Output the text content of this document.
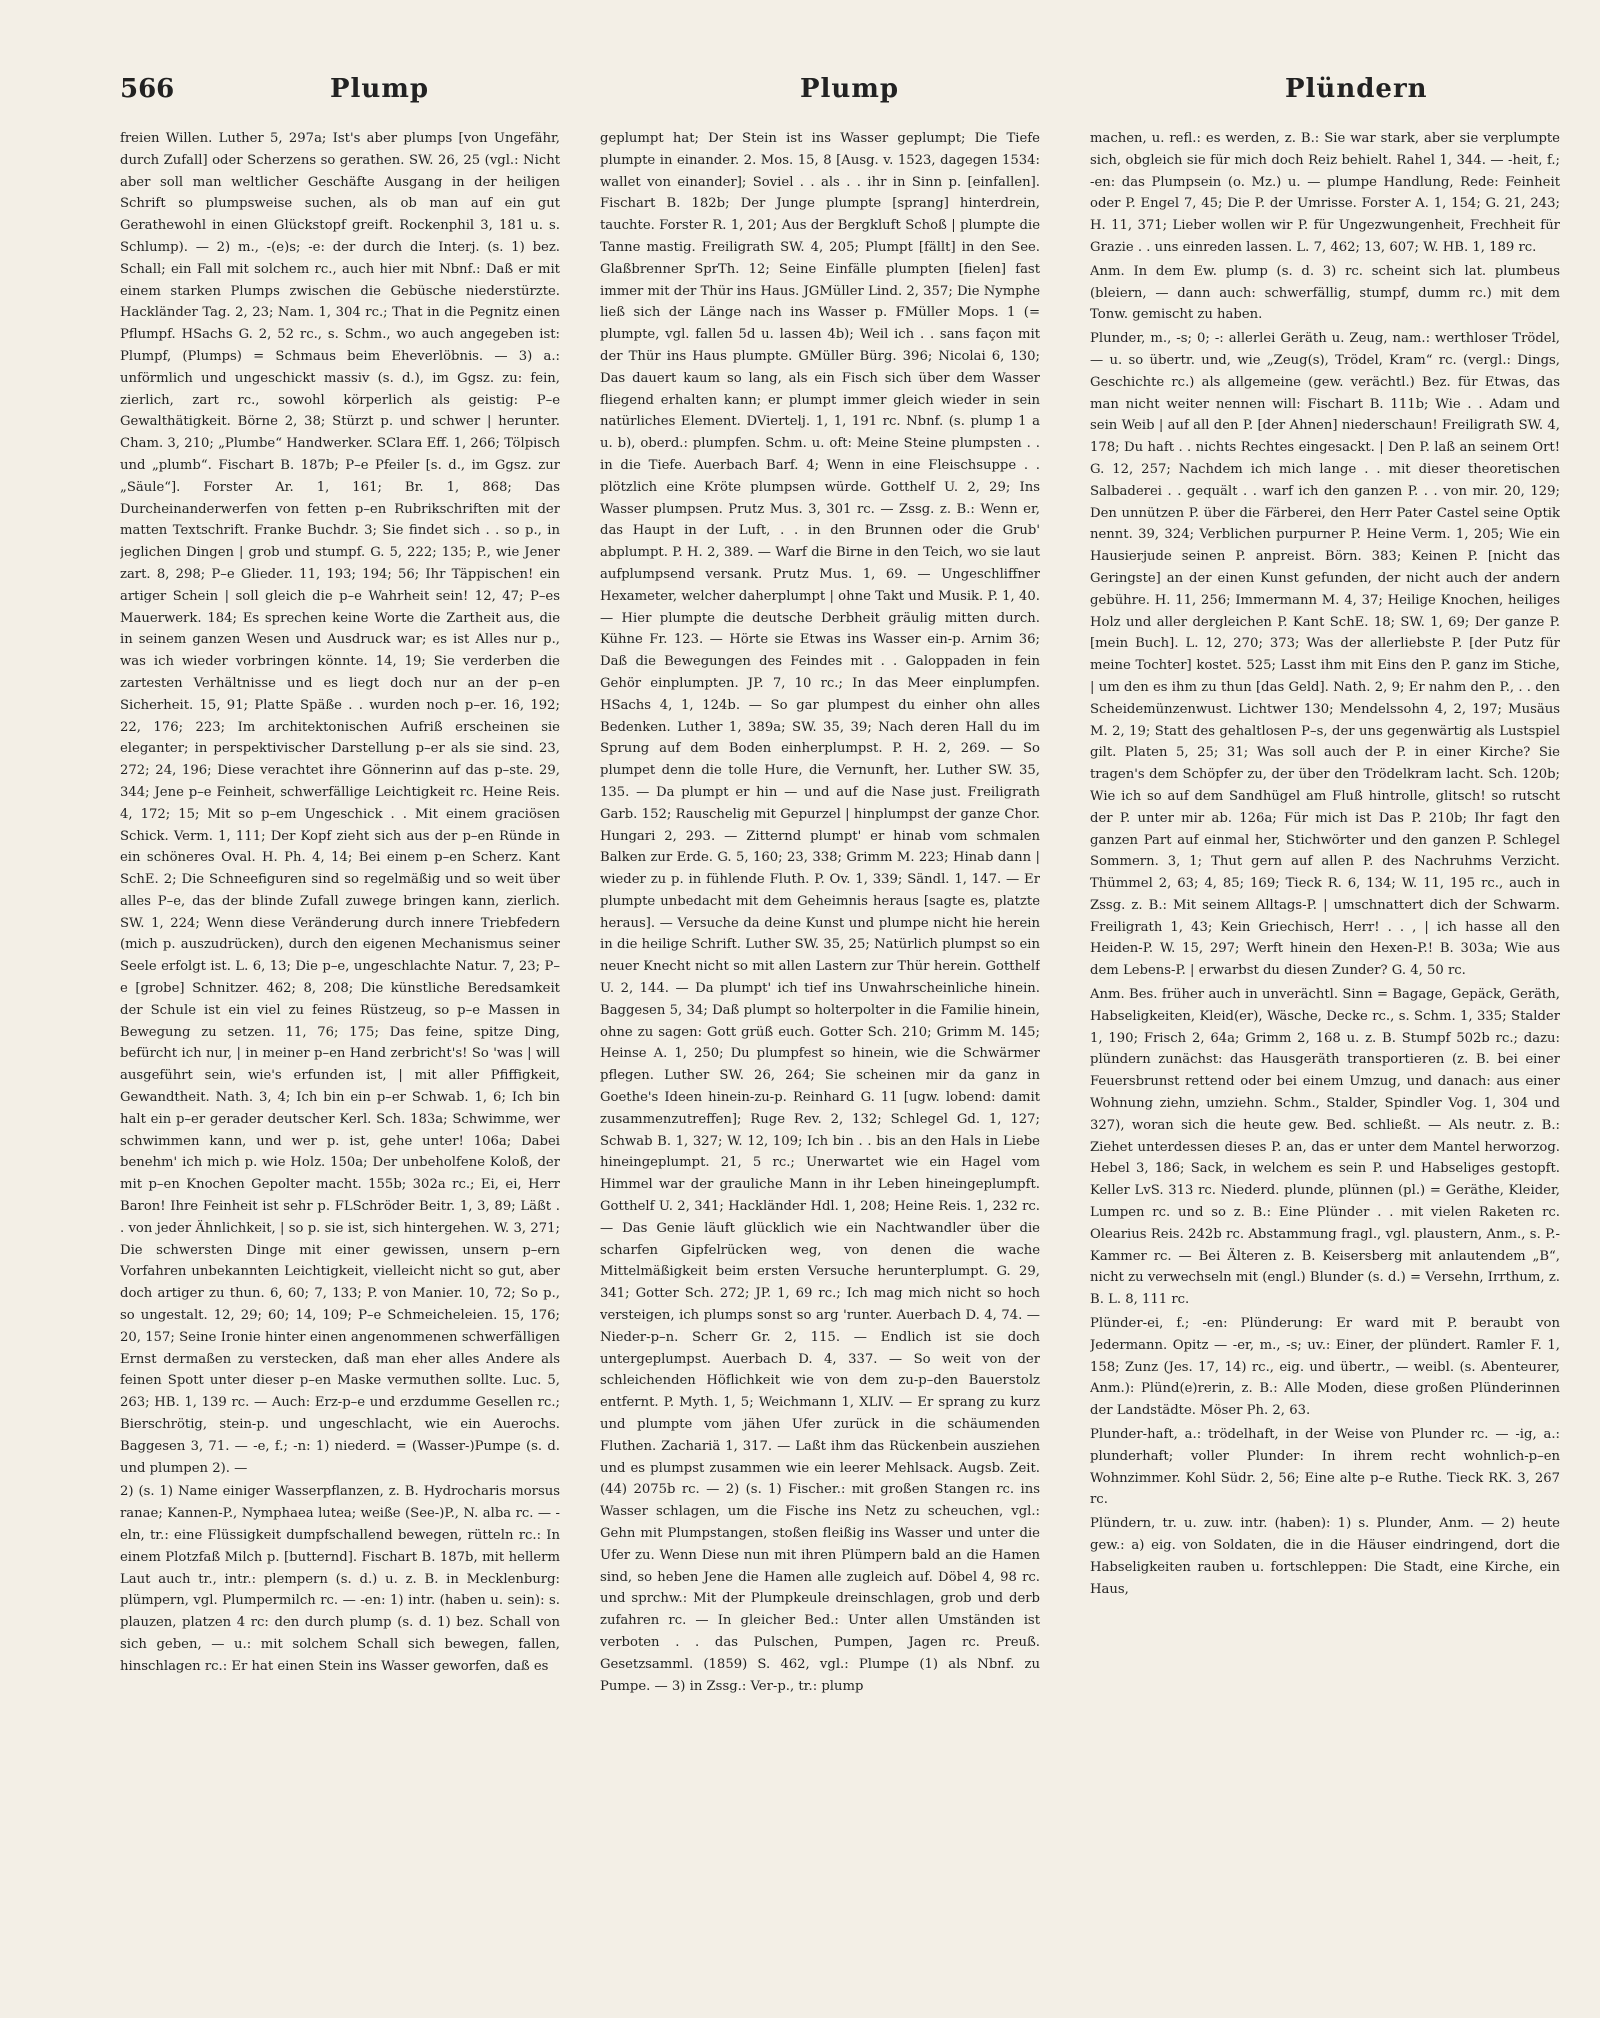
566	Plump	Plump	Plündern

freien Willen. Luther 5, 297a; Ist's aber plumps [von Ungefähr, durch Zufall] oder Scherzens so gerathen. SW. 26, 25 (vgl.: Nicht aber soll man weltlicher Geschäfte Ausgang in der heiligen Schrift so plumpsweise suchen, als ob man auf ein gut Gerathewohl in einen Glückstopf greift. Rockenphil 3, 181 u. s. Schlump). — 2) m., -(e)s; -e: der durch die Interj. (s. 1) bez. Schall; ein Fall mit solchem rc., auch hier mit Nbnf.: Daß er mit einem starken Plumps zwischen die Gebüsche niederstürzte. Hackländer Tag. 2, 23; Nam. 1, 304 rc.; That in die Pegnitz einen Pflumpf. HSachs G. 2, 52 rc., s. Schm., wo auch angegeben ist: Plumpf, (Plumps) = Schmaus beim Eheverlöbnis. — 3) a.: unförmlich und ungeschickt massiv (s. d.), im Ggsz. zu: fein, zierlich, zart rc., sowohl körperlich als geistig: P–e Gewalthätigkeit. Börne 2, 38; Stürzt p. und schwer | herunter. Cham. 3, 210; „Plumbe“ Handwerker. SClara Eff. 1, 266; Tölpisch und „plumb“. Fischart B. 187b; P–e Pfeiler [s. d., im Ggsz. zur „Säule“]. Forster Ar. 1, 161; Br. 1, 868; Das Durcheinanderwerfen von fetten p–en Rubrikschriften mit der matten Textschrift. Franke Buchdr. 3; Sie findet sich . . so p., in jeglichen Dingen | grob und stumpf. G. 5, 222; 135; P., wie Jener zart. 8, 298; P–e Glieder. 11, 193; 194; 56; Ihr Täppischen! ein artiger Schein | soll gleich die p–e Wahrheit sein! 12, 47; P–es Mauerwerk. 184; Es sprechen keine Worte die Zartheit aus, die in seinem ganzen Wesen und Ausdruck war; es ist Alles nur p., was ich wieder vorbringen könnte. 14, 19; Sie verderben die zartesten Verhältnisse und es liegt doch nur an der p–en Sicherheit. 15, 91; Platte Späße . . wurden noch p–er. 16, 192; 22, 176; 223; Im architektonischen Aufriß erscheinen sie eleganter; in perspektivischer Darstellung p–er als sie sind. 23, 272; 24, 196; Diese verachtet ihre Gönnerinn auf das p–ste. 29, 344; Jene p–e Feinheit, schwerfällige Leichtigkeit rc. Heine Reis. 4, 172; 15; Mit so p–em Ungeschick . . Mit einem graciösen Schick. Verm. 1, 111; Der Kopf zieht sich aus der p–en Ründe in ein schöneres Oval. H. Ph. 4, 14; Bei einem p–en Scherz. Kant SchE. 2; Die Schneefiguren sind so regelmäßig und so weit über alles P–e, das der blinde Zufall zuwege bringen kann, zierlich. SW. 1, 224; Wenn diese Veränderung durch innere Triebfedern (mich p. auszudrücken), durch den eigenen Mechanismus seiner Seele erfolgt ist. L. 6, 13; Die p–e, ungeschlachte Natur. 7, 23; P–e [grobe] Schnitzer. 462; 8, 208; Die künstliche Beredsamkeit der Schule ist ein viel zu feines Rüstzeug, so p–e Massen in Bewegung zu setzen. 11, 76; 175; Das feine, spitze Ding, befürcht ich nur, | in meiner p–en Hand zerbricht's! So 'was | will ausgeführt sein, wie's erfunden ist, | mit aller Pfiffigkeit, Gewandtheit. Nath. 3, 4; Ich bin ein p–er Schwab. 1, 6; Ich bin halt ein p–er gerader deutscher Kerl. Sch. 183a; Schwimme, wer schwimmen kann, und wer p. ist, gehe unter! 106a; Dabei benehm' ich mich p. wie Holz. 150a; Der unbeholfene Koloß, der mit p–en Knochen Gepolter macht. 155b; 302a rc.; Ei, ei, Herr Baron! Ihre Feinheit ist sehr p. FLSchröder Beitr. 1, 3, 89; Läßt . . von jeder Ähnlichkeit, | so p. sie ist, sich hintergehen. W. 3, 271; Die schwersten Dinge mit einer gewissen, unsern p–ern Vorfahren unbekannten Leichtigkeit, vielleicht nicht so gut, aber doch artiger zu thun. 6, 60; 7, 133; P. von Manier. 10, 72; So p., so ungestalt. 12, 29; 60; 14, 109; P–e Schmeicheleien. 15, 176; 20, 157; Seine Ironie hinter einen angenommenen schwerfälligen Ernst dermaßen zu verstecken, daß man eher alles Andere als feinen Spott unter dieser p–en Maske vermuthen sollte. Luc. 5, 263; HB. 1, 139 rc. — Auch: Erz-p–e und erzdumme Gesellen rc.; Bierschrötig, stein-p. und ungeschlacht, wie ein Auerochs. Baggesen 3, 71. — -e, f.; -n: 1) niederd. = (Wasser-)Pumpe (s. d. und plumpen 2). —

2) (s. 1) Name einiger Wasserpflanzen, z. B. Hydrocharis morsus ranae; Kannen-P., Nymphaea lutea; weiße (See-)P., N. alba rc. — -eln, tr.: eine Flüssigkeit dumpfschallend bewegen, rütteln rc.: In einem Plotzfaß Milch p. [butternd]. Fischart B. 187b, mit hellerm Laut auch tr., intr.: plempern (s. d.) u. z. B. in Mecklenburg: plümpern, vgl. Plumpermilch rc. — -en: 1) intr. (haben u. sein): s. plauzen, platzen 4 rc: den durch plump (s. d. 1) bez. Schall von sich geben, — u.: mit solchem Schall sich bewegen, fallen, hinschlagen rc.: Er hat einen Stein ins Wasser geworfen, daß es

geplumpt hat; Der Stein ist ins Wasser geplumpt; Die Tiefe plumpte in einander. 2. Mos. 15, 8 [Ausg. v. 1523, dagegen 1534: wallet von einander]; Soviel . . als . . ihr in Sinn p. [einfallen]. Fischart B. 182b; Der Junge plumpte [sprang] hinterdrein, tauchte. Forster R. 1, 201; Aus der Bergkluft Schoß | plumpte die Tanne mastig. Freiligrath SW. 4, 205; Plumpt [fällt] in den See. Glaßbrenner SprTh. 12; Seine Einfälle plumpten [fielen] fast immer mit der Thür ins Haus. JGMüller Lind. 2, 357; Die Nymphe ließ sich der Länge nach ins Wasser p. FMüller Mops. 1 (= plumpte, vgl. fallen 5d u. lassen 4b); Weil ich . . sans façon mit der Thür ins Haus plumpte. GMüller Bürg. 396; Nicolai 6, 130; Das dauert kaum so lang, als ein Fisch sich über dem Wasser fliegend erhalten kann; er plumpt immer gleich wieder in sein natürliches Element. DViertelj. 1, 1, 191 rc. Nbnf. (s. plump 1 a u. b), oberd.: plumpfen. Schm. u. oft: Meine Steine plumpsten . . in die Tiefe. Auerbach Barf. 4; Wenn in eine Fleischsuppe . . plötzlich eine Kröte plumpsen würde. Gotthelf U. 2, 29; Ins Wasser plumpsen. Prutz Mus. 3, 301 rc. — Zssg. z. B.: Wenn er, das Haupt in der Luft, . . in den Brunnen oder die Grub' abplumpt. P. H. 2, 389. — Warf die Birne in den Teich, wo sie laut aufplumpsend versank. Prutz Mus. 1, 69. — Ungeschliffner Hexameter, welcher daherplumpt | ohne Takt und Musik. P. 1, 40. — Hier plumpte die deutsche Derbheit gräulig mitten durch. Kühne Fr. 123. — Hörte sie Etwas ins Wasser ein-p. Arnim 36; Daß die Bewegungen des Feindes mit . . Galoppaden in fein Gehör einplumpten. JP. 7, 10 rc.; In das Meer einplumpfen. HSachs 4, 1, 124b. — So gar plumpest du einher ohn alles Bedenken. Luther 1, 389a; SW. 35, 39; Nach deren Hall du im Sprung auf dem Boden einherplumpst. P. H. 2, 269. — So plumpet denn die tolle Hure, die Vernunft, her. Luther SW. 35, 135. — Da plumpt er hin — und auf die Nase just. Freiligrath Garb. 152; Rauschelig mit Gepurzel | hinplumpst der ganze Chor. Hungari 2, 293. — Zitternd plumpt' er hinab vom schmalen Balken zur Erde. G. 5, 160; 23, 338; Grimm M. 223; Hinab dann | wieder zu p. in fühlende Fluth. P. Ov. 1, 339; Sändl. 1, 147. — Er plumpte unbedacht mit dem Geheimnis heraus [sagte es, platzte heraus]. — Versuche da deine Kunst und plumpe nicht hie herein in die heilige Schrift. Luther SW. 35, 25; Natürlich plumpst so ein neuer Knecht nicht so mit allen Lastern zur Thür herein. Gotthelf U. 2, 144. — Da plumpt' ich tief ins Unwahrscheinliche hinein. Baggesen 5, 34; Daß plumpt so holterpolter in die Familie hinein, ohne zu sagen: Gott grüß euch. Gotter Sch. 210; Grimm M. 145; Heinse A. 1, 250; Du plumpfest so hinein, wie die Schwärmer pflegen. Luther SW. 26, 264; Sie scheinen mir da ganz in Goethe's Ideen hinein-zu-p. Reinhard G. 11 [ugw. lobend: damit zusammenzutreffen]; Ruge Rev. 2, 132; Schlegel Gd. 1, 127; Schwab B. 1, 327; W. 12, 109; Ich bin . . bis an den Hals in Liebe hineingeplumpt. 21, 5 rc.; Unerwartet wie ein Hagel vom Himmel war der grauliche Mann in ihr Leben hineingeplumpft. Gotthelf U. 2, 341; Hackländer Hdl. 1, 208; Heine Reis. 1, 232 rc. — Das Genie läuft glücklich wie ein Nachtwandler über die scharfen Gipfelrücken weg, von denen die wache Mittelmäßigkeit beim ersten Versuche herunterplumpt. G. 29, 341; Gotter Sch. 272; JP. 1, 69 rc.; Ich mag mich nicht so hoch versteigen, ich plumps sonst so arg 'runter. Auerbach D. 4, 74. — Nieder-p–n. Scherr Gr. 2, 115. — Endlich ist sie doch untergeplumpst. Auerbach D. 4, 337. — So weit von der schleichenden Höflichkeit wie von dem zu-p–den Bauerstolz entfernt. P. Myth. 1, 5; Weichmann 1, XLIV. — Er sprang zu kurz und plumpte vom jähen Ufer zurück in die schäumenden Fluthen. Zachariä 1, 317. — Laßt ihm das Rückenbein ausziehen und es plumpst zusammen wie ein leerer Mehlsack. Augsb. Zeit. (44) 2075b rc. — 2) (s. 1) Fischer.: mit großen Stangen rc. ins Wasser schlagen, um die Fische ins Netz zu scheuchen, vgl.: Gehn mit Plumpstangen, stoßen fleißig ins Wasser und unter die Ufer zu. Wenn Diese nun mit ihren Plümpern bald an die Hamen sind, so heben Jene die Hamen alle zugleich auf. Döbel 4, 98 rc. und sprchw.: Mit der Plumpkeule dreinschlagen, grob und derb zufahren rc. — In gleicher Bed.: Unter allen Umständen ist verboten . . das Pulschen, Pumpen, Jagen rc. Preuß. Gesetzsamml. (1859) S. 462, vgl.: Plumpe (1) als Nbnf. zu Pumpe. — 3) in Zssg.: Ver-p., tr.: plump

machen, u. refl.: es werden, z. B.: Sie war stark, aber sie verplumpte sich, obgleich sie für mich doch Reiz behielt. Rahel 1, 344. — -heit, f.; -en: das Plumpsein (o. Mz.) u. — plumpe Handlung, Rede: Feinheit oder P. Engel 7, 45; Die P. der Umrisse. Forster A. 1, 154; G. 21, 243; H. 11, 371; Lieber wollen wir P. für Ungezwungenheit, Frechheit für Grazie . . uns einreden lassen. L. 7, 462; 13, 607; W. HB. 1, 189 rc.

Anm. In dem Ew. plump (s. d. 3) rc. scheint sich lat. plumbeus (bleiern, — dann auch: schwerfällig, stumpf, dumm rc.) mit dem Tonw. gemischt zu haben.

Plunder, m., -s; 0; -: allerlei Geräth u. Zeug, nam.: werthloser Trödel, — u. so übertr. und, wie „Zeug(s), Trödel, Kram“ rc. (vergl.: Dings, Geschichte rc.) als allgemeine (gew. verächtl.) Bez. für Etwas, das man nicht weiter nennen will: Fischart B. 111b; Wie . . Adam und sein Weib | auf all den P. [der Ahnen] niederschaun! Freiligrath SW. 4, 178; Du haft . . nichts Rechtes eingesackt. | Den P. laß an seinem Ort! G. 12, 257; Nachdem ich mich lange . . mit dieser theoretischen Salbaderei . . gequält . . warf ich den ganzen P. . . von mir. 20, 129; Den unnützen P. über die Färberei, den Herr Pater Castel seine Optik nennt. 39, 324; Verblichen purpurner P. Heine Verm. 1, 205; Wie ein Hausierjude seinen P. anpreist. Börn. 383; Keinen P. [nicht das Geringste] an der einen Kunst gefunden, der nicht auch der andern gebühre. H. 11, 256; Immermann M. 4, 37; Heilige Knochen, heiliges Holz und aller dergleichen P. Kant SchE. 18; SW. 1, 69; Der ganze P. [mein Buch]. L. 12, 270; 373; Was der allerliebste P. [der Putz für meine Tochter] kostet. 525; Lasst ihm mit Eins den P. ganz im Stiche, | um den es ihm zu thun [das Geld]. Nath. 2, 9; Er nahm den P., . . den Scheidemünzenwust. Lichtwer 130; Mendelssohn 4, 2, 197; Musäus M. 2, 19; Statt des gehaltlosen P–s, der uns gegenwärtig als Lustspiel gilt. Platen 5, 25; 31; Was soll auch der P. in einer Kirche? Sie tragen's dem Schöpfer zu, der über den Trödelkram lacht. Sch. 120b; Wie ich so auf dem Sandhügel am Fluß hintrolle, glitsch! so rutscht der P. unter mir ab. 126a; Für mich ist Das P. 210b; Ihr fagt den ganzen Part auf einmal her, Stichwörter und den ganzen P. Schlegel Sommern. 3, 1; Thut gern auf allen P. des Nachruhms Verzicht. Thümmel 2, 63; 4, 85; 169; Tieck R. 6, 134; W. 11, 195 rc., auch in Zssg. z. B.: Mit seinem Alltags-P. | umschnattert dich der Schwarm. Freiligrath 1, 43; Kein Griechisch, Herr! . . , | ich hasse all den Heiden-P. W. 15, 297; Werft hinein den Hexen-P.! B. 303a; Wie aus dem Lebens-P. | erwarbst du diesen Zunder? G. 4, 50 rc.

Anm. Bes. früher auch in unverächtl. Sinn = Bagage, Gepäck, Geräth, Habseligkeiten, Kleid(er), Wäsche, Decke rc., s. Schm. 1, 335; Stalder 1, 190; Frisch 2, 64a; Grimm 2, 168 u. z. B. Stumpf 502b rc.; dazu: plündern zunächst: das Hausgeräth transportieren (z. B. bei einer Feuersbrunst rettend oder bei einem Umzug, und danach: aus einer Wohnung ziehn, umziehn. Schm., Stalder, Spindler Vog. 1, 304 und 327), woran sich die heute gew. Bed. schließt. — Als neutr. z. B.: Ziehet unterdessen dieses P. an, das er unter dem Mantel herworzog. Hebel 3, 186; Sack, in welchem es sein P. und Habseliges gestopft. Keller LvS. 313 rc. Niederd. plunde, plünnen (pl.) = Geräthe, Kleider, Lumpen rc. und so z. B.: Eine Plünder . . mit vielen Raketen rc. Olearius Reis. 242b rc. Abstammung fragl., vgl. plaustern, Anm., s. P.-Kammer rc. — Bei Älteren z. B. Keisersberg mit anlautendem „B“, nicht zu verwechseln mit (engl.) Blunder (s. d.) = Versehn, Irrthum, z. B. L. 8, 111 rc.

Plünder-ei, f.; -en: Plünderung: Er ward mit P. beraubt von Jedermann. Opitz — -er, m., -s; uv.: Einer, der plündert. Ramler F. 1, 158; Zunz (Jes. 17, 14) rc., eig. und übertr., — weibl. (s. Abenteurer, Anm.): Plünd(e)rerin, z. B.: Alle Moden, diese großen Plünderinnen der Landstädte. Möser Ph. 2, 63.

Plunder-haft, a.: trödelhaft, in der Weise von Plunder rc. — -ig, a.: plunderhaft; voller Plunder: In ihrem recht wohnlich-p–en Wohnzimmer. Kohl Südr. 2, 56; Eine alte p–e Ruthe. Tieck RK. 3, 267 rc.

Plündern, tr. u. zuw. intr. (haben): 1) s. Plunder, Anm. — 2) heute gew.: a) eig. von Soldaten, die in die Häuser eindringend, dort die Habseligkeiten rauben u. fortschleppen: Die Stadt, eine Kirche, ein Haus,
